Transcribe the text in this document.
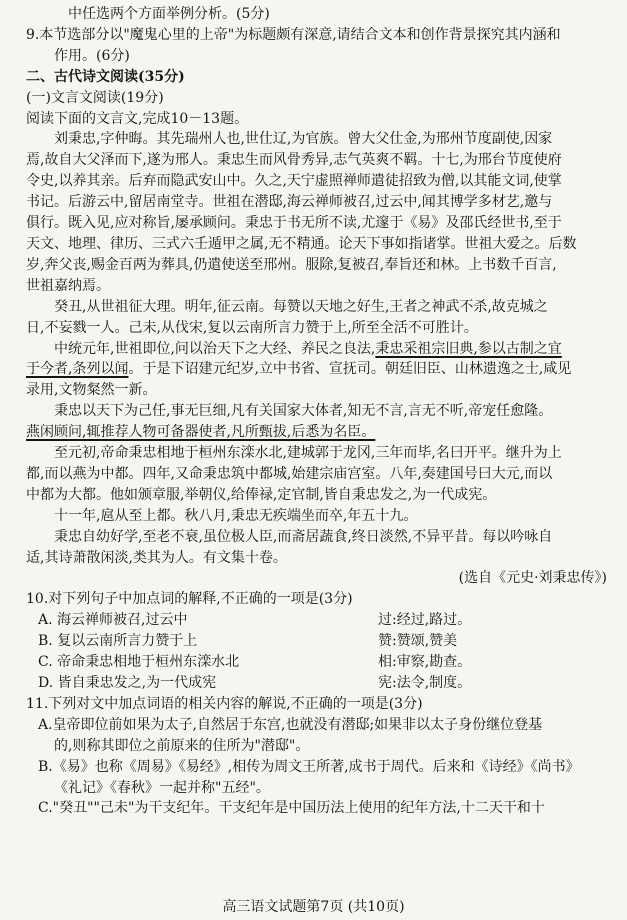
中任选两个方面举例分析。(5分)
9.本节选部分以"魔鬼心里的上帝"为标题颇有深意,请结合文本和创作背景探究其内涵和
作用。(6分)
二、古代诗文阅读(35分)
(一)文言文阅读(19分)
阅读下面的文言文,完成10－13题。
刘秉忠,字仲晦。其先瑞州人也,世仕辽,为官族。曾大父仕金,为邢州节度副使,因家
焉,故自大父泽而下,遂为邢人。秉忠生而风骨秀异,志气英爽不羁。十七,为邢台节度使府
令史,以养其亲。后弃而隐武安山中。久之,天宁虚照禅师遣徒招致为僧,以其能文词,使掌
书记。后游云中,留居南堂寺。世祖在潜邸,海云禅师被召,过云中,闻其博学多材艺,邀与
俱行。既入见,应对称旨,屡承顾问。秉忠于书无所不读,尤邃于《易》及邵氏经世书,至于
天文、地理、律历、三式六壬遁甲之属,无不精通。论天下事如指诸掌。世祖大爱之。后数
岁,奔父丧,赐金百两为葬具,仍遣使送至邢州。服除,复被召,奉旨还和林。上书数千百言,
世祖嘉纳焉。
癸丑,从世祖征大理。明年,征云南。每赞以天地之好生,王者之神武不杀,故克城之
日,不妄戮一人。己未,从伐宋,复以云南所言力赞于上,所至全活不可胜计。
中统元年,世祖即位,问以治天下之大经、养民之良法,秉忠采祖宗旧典,参以古制之宜
于今者,条列以闻。于是下诏建元纪岁,立中书省、宣抚司。朝廷旧臣、山林遗逸之士,咸见
录用,文物粲然一新。
秉忠以天下为己任,事无巨细,凡有关国家大体者,知无不言,言无不听,帝宠任愈隆。
燕闲顾问,辄推荐人物可备器使者,凡所甄拔,后悉为名臣。
至元初,帝命秉忠相地于桓州东滦水北,建城郭于龙冈,三年而毕,名曰开平。继升为上
都,而以燕为中都。四年,又命秉忠筑中都城,始建宗庙宫室。八年,奏建国号曰大元,而以
中都为大都。他如颁章服,举朝仪,给俸禄,定官制,皆自秉忠发之,为一代成宪。
十一年,扈从至上都。秋八月,秉忠无疾端坐而卒,年五十九。
秉忠自幼好学,至老不衰,虽位极人臣,而斋居蔬食,终日淡然,不异平昔。每以吟咏自
适,其诗萧散闲淡,类其为人。有文集十卷。
(选自《元史·刘秉忠传》)
10.对下列句子中加点词的解释,不正确的一项是(3分)
A. 海云禅师被召,过云中	过:经过,路过。
B. 复以云南所言力赞于上	赞:赞颂,赞美
C. 帝命秉忠相地于桓州东滦水北	相:审察,勘查。
D. 皆自秉忠发之,为一代成宪	宪:法令,制度。
11.下列对文中加点词语的相关内容的解说,不正确的一项是(3分)
A.皇帝即位前如果为太子,自然居于东宫,也就没有潜邸;如果非以太子身份继位登基
的,则称其即位之前原来的住所为"潜邸"。
B.《易》也称《周易》《易经》,相传为周文王所著,成书于周代。后来和《诗经》《尚书》
《礼记》《春秋》一起并称"五经"。
C."癸丑""己未"为干支纪年。干支纪年是中国历法上使用的纪年方法,十二天干和十
高三语文试题第7页 (共10页)
